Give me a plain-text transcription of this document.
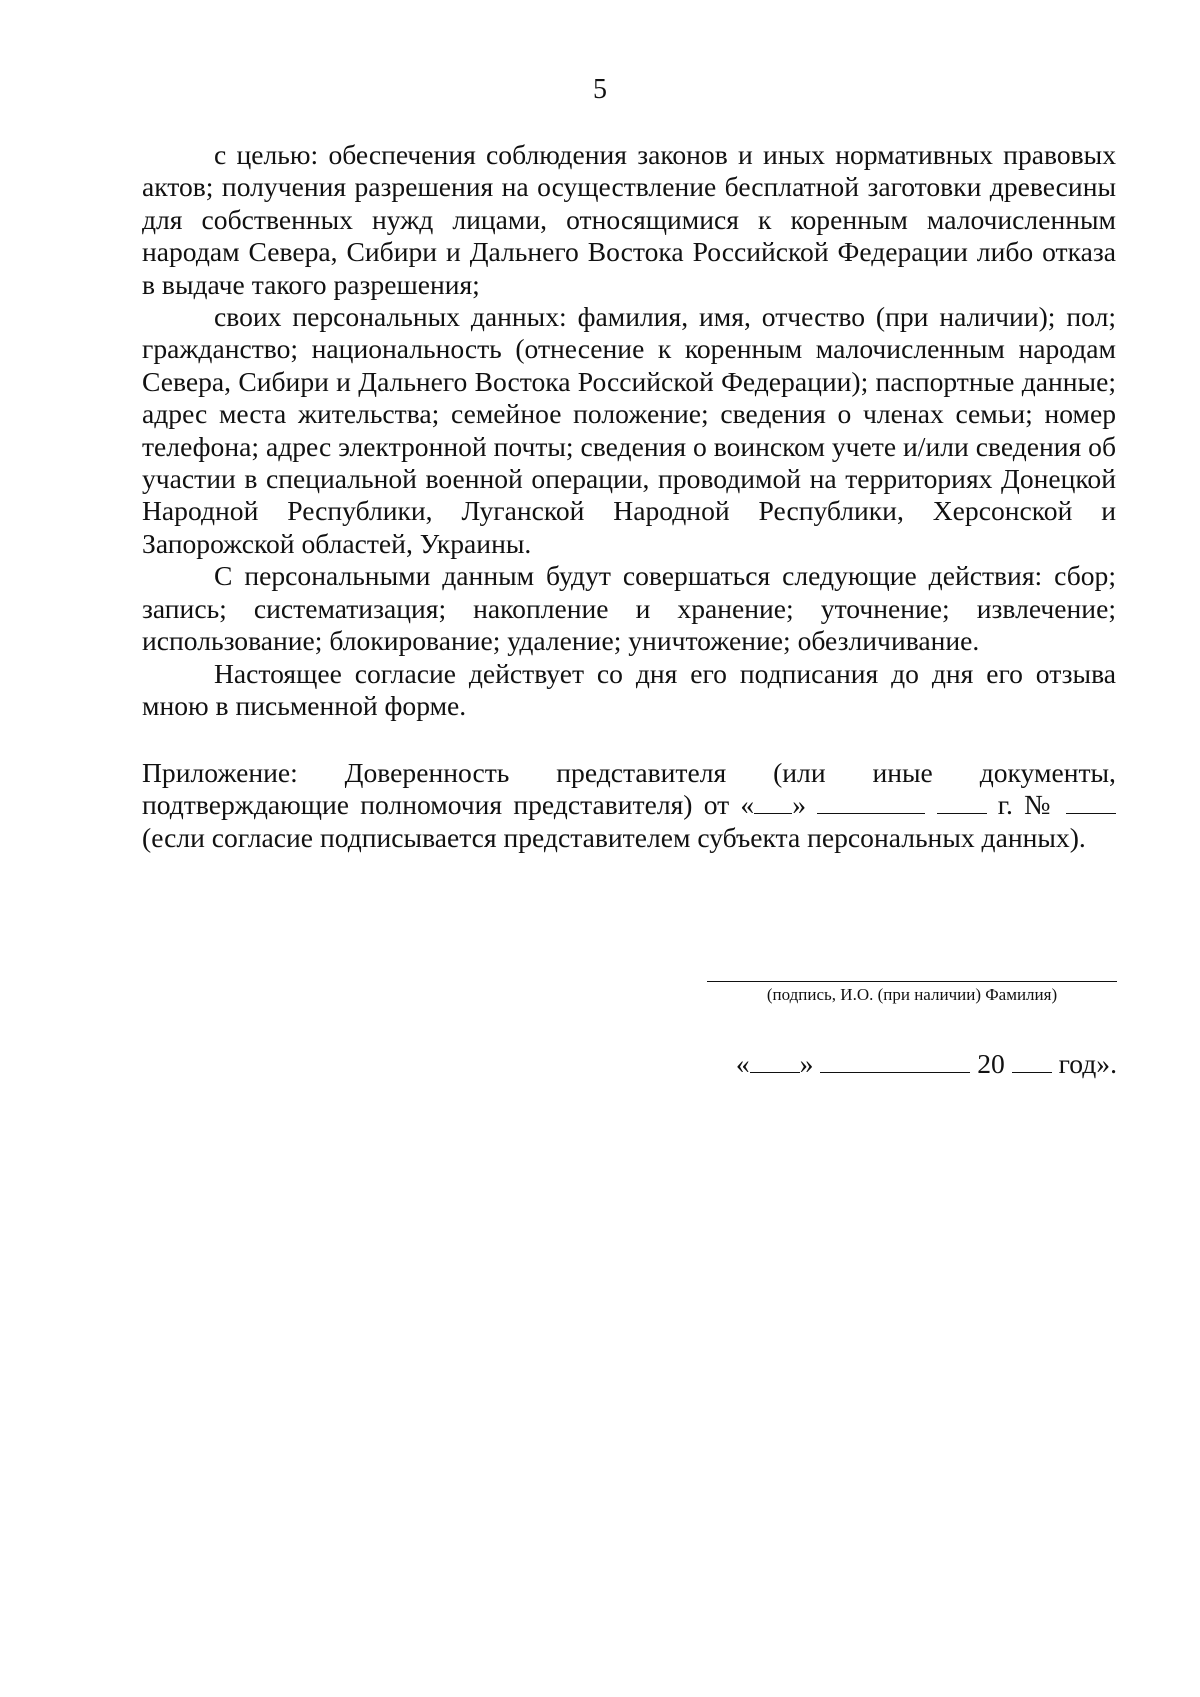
5

с целью: обеспечения соблюдения законов и иных нормативных правовых актов; получения разрешения на осуществление бесплатной заготовки древесины для собственных нужд лицами, относящимися к коренным малочисленным народам Севера, Сибири и Дальнего Востока Российской Федерации либо отказа в выдаче такого разрешения;

своих персональных данных: фамилия, имя, отчество (при наличии); пол; гражданство; национальность (отнесение к коренным малочисленным народам Севера, Сибири и Дальнего Востока Российской Федерации); паспортные данные; адрес места жительства; семейное положение; сведения о членах семьи; номер телефона; адрес электронной почты; сведения о воинском учете и/или сведения об участии в специальной военной операции, проводимой на территориях Донецкой Народной Республики, Луганской Народной Республики, Херсонской и Запорожской областей, Украины.

С персональными данным будут совершаться следующие действия: сбор; запись; систематизация; накопление и хранение; уточнение; извлечение; использование; блокирование; удаление; уничтожение; обезличивание.

Настоящее согласие действует со дня его подписания до дня его отзыва мною в письменной форме.

Приложение: Доверенность представителя (или иные документы,
подтверждающие полномочия представителя) от « »	г. №
(если согласие подписывается представителем субъекта персональных данных).
(подпись, И.О. (при наличии) Фамилия)
« »	20 год».
